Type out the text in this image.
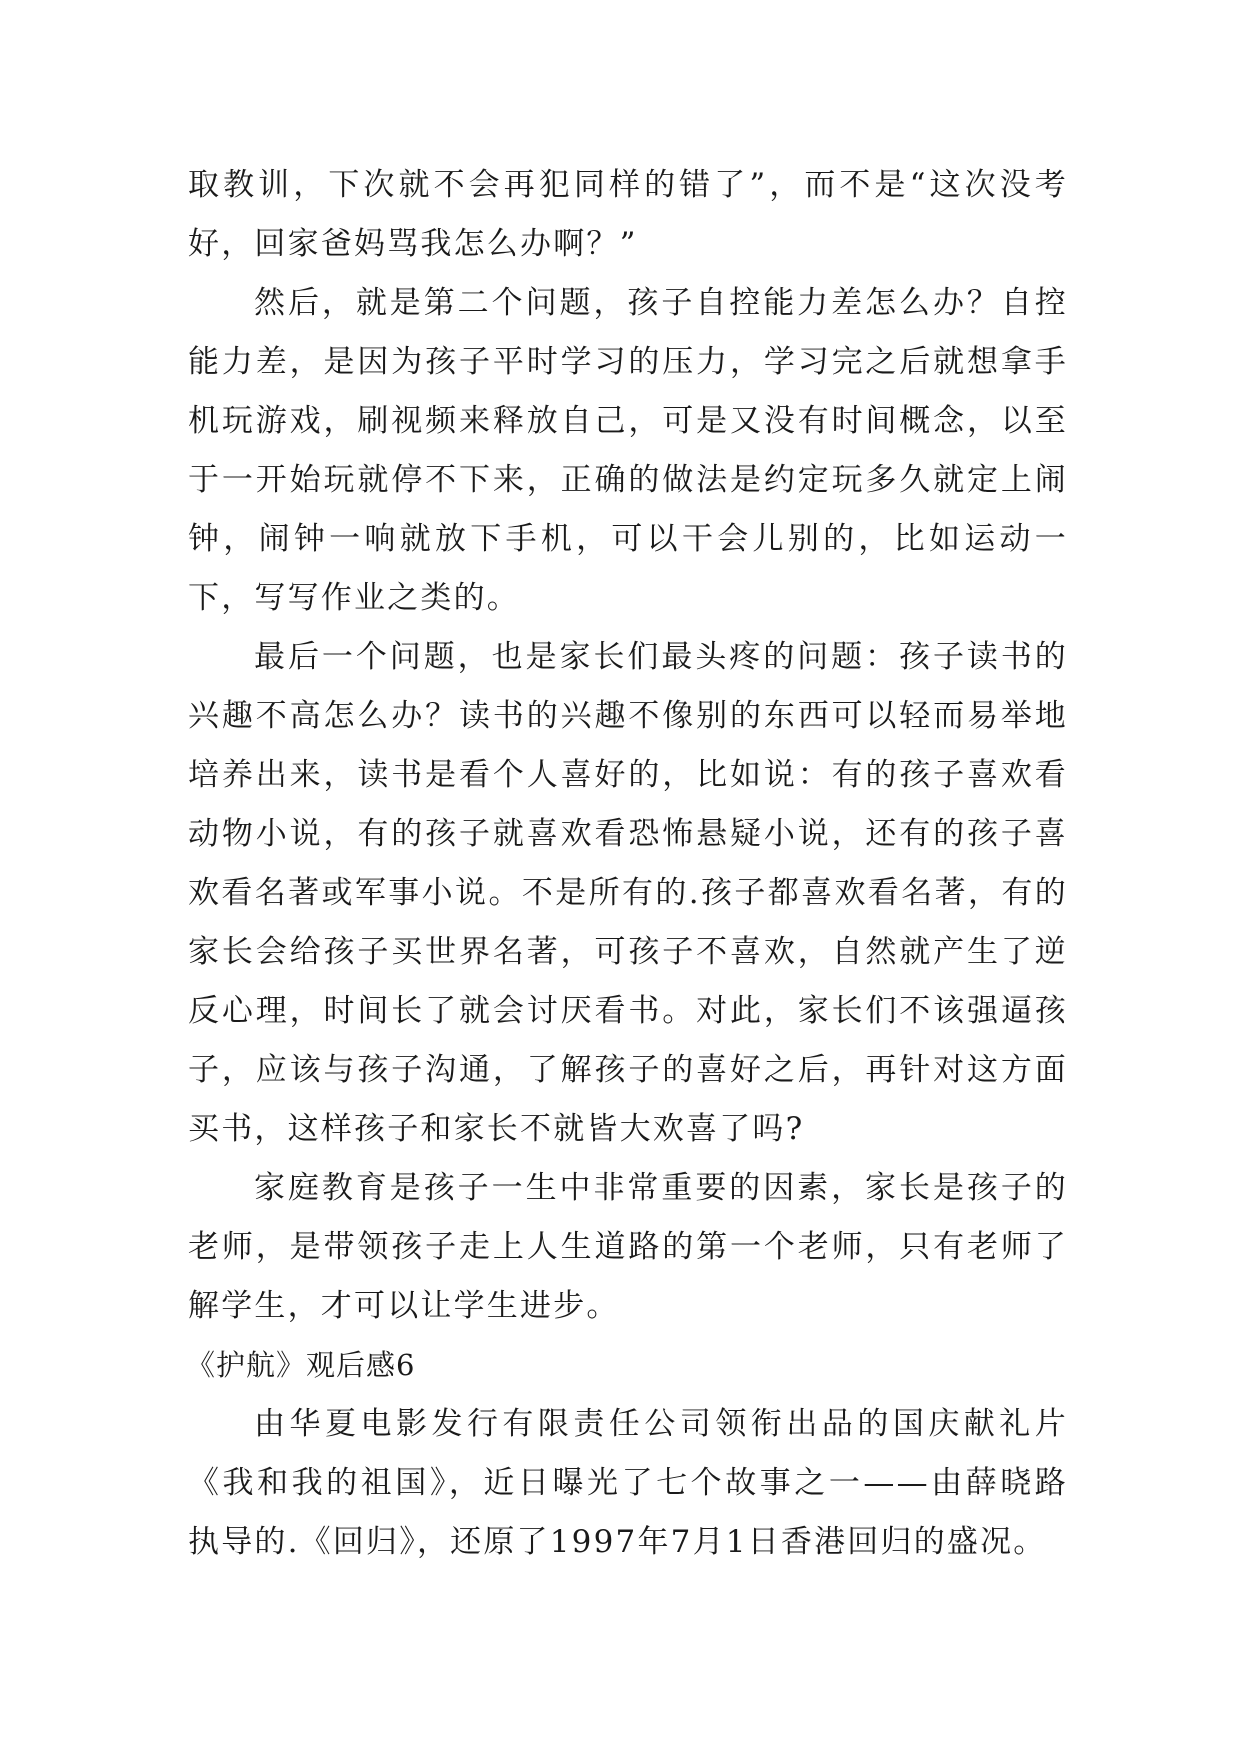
取教训，下次就不会再犯同样的错了”，而不是“这次没考好，回家爸妈骂我怎么办啊？”

然后，就是第二个问题，孩子自控能力差怎么办？自控能力差，是因为孩子平时学习的压力，学习完之后就想拿手机玩游戏，刷视频来释放自己，可是又没有时间概念，以至于一开始玩就停不下来，正确的做法是约定玩多久就定上闹钟，闹钟一响就放下手机，可以干会儿别的，比如运动一下，写写作业之类的。

最后一个问题，也是家长们最头疼的问题：孩子读书的兴趣不高怎么办？读书的兴趣不像别的东西可以轻而易举地培养出来，读书是看个人喜好的，比如说：有的孩子喜欢看动物小说，有的孩子就喜欢看恐怖悬疑小说，还有的孩子喜欢看名著或军事小说。不是所有的.孩子都喜欢看名著，有的家长会给孩子买世界名著，可孩子不喜欢，自然就产生了逆反心理，时间长了就会讨厌看书。对此，家长们不该强逼孩子，应该与孩子沟通，了解孩子的喜好之后，再针对这方面买书，这样孩子和家长不就皆大欢喜了吗?

家庭教育是孩子一生中非常重要的因素，家长是孩子的老师，是带领孩子走上人生道路的第一个老师，只有老师了解学生，才可以让学生进步。

《护航》观后感6

由华夏电影发行有限责任公司领衔出品的国庆献礼片《我和我的祖国》，近日曝光了七个故事之一——由薛晓路执导的.《回归》，还原了1997年7月1日香港回归的盛况。
